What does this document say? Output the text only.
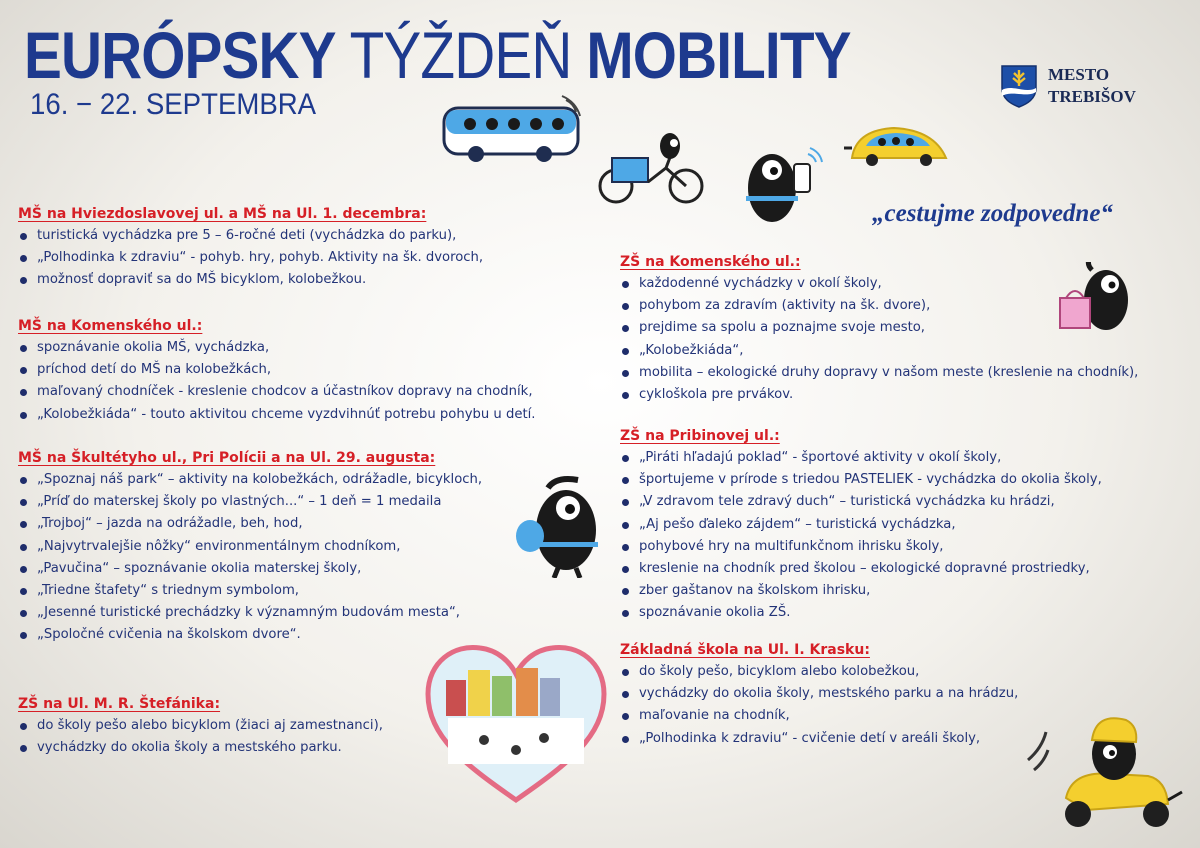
EURÓPSKY TÝŽDEŇ MOBILITY
16. − 22. SEPTEMBRA
MESTO
TREBIŠOV
„cestujme zodpovedne“
MŠ na Hviezdoslavovej ul. a MŠ na Ul. 1. decembra:
turistická vychádzka pre 5 – 6-ročné deti (vychádzka do parku),
„Polhodinka k zdraviu“ - pohyb. hry, pohyb. Aktivity na šk. dvoroch,
možnosť dopraviť sa do MŠ bicyklom, kolobežkou.
MŠ na Komenského ul.:
spoznávanie okolia MŠ, vychádzka,
príchod detí do MŠ na kolobežkách,
maľovaný chodníček - kreslenie chodcov a účastníkov dopravy na chodník,
„Kolobežkiáda“ - touto aktivitou chceme vyzdvihnúť potrebu pohybu u detí.
MŠ na Škultétyho ul., Pri Polícii a na Ul. 29. augusta:
„Spoznaj náš park“ – aktivity na kolobežkách, odrážadle, bicykloch,
„Príď do materskej školy po vlastných...“ – 1 deň = 1 medaila
„Trojboj“ – jazda na odrážadle, beh, hod,
„Najvytrvalejšie nôžky“ environmentálnym chodníkom,
„Pavučina“ – spoznávanie okolia materskej školy,
„Triedne štafety“ s triednym symbolom,
„Jesenné turistické prechádzky k významným budovám mesta“,
„Spoločné cvičenia na školskom dvore“.
ZŠ na Ul. M. R. Štefánika:
do školy pešo alebo bicyklom (žiaci aj zamestnanci),
vychádzky do okolia školy a mestského parku.
ZŠ na Komenského ul.:
každodenné vychádzky v okolí školy,
pohybom za zdravím (aktivity na šk. dvore),
prejdime sa spolu a poznajme svoje mesto,
„Kolobežkiáda“,
mobilita – ekologické druhy dopravy v našom meste (kreslenie na chodník),
cykloškola pre prvákov.
ZŠ na Pribinovej ul.:
„Piráti hľadajú poklad“ - športové aktivity v okolí školy,
športujeme v prírode s triedou PASTELIEK - vychádzka do okolia školy,
„V zdravom tele zdravý duch“ – turistická vychádzka ku hrádzi,
„Aj pešo ďaleko zájdem“ – turistická vychádzka,
pohybové hry na multifunkčnom ihrisku školy,
kreslenie na chodník pred školou – ekologické dopravné prostriedky,
zber gaštanov na školskom ihrisku,
spoznávanie okolia ZŠ.
Základná škola na Ul. I. Krasku:
do školy pešo, bicyklom alebo kolobežkou,
vychádzky do okolia školy, mestského parku a na hrádzu,
maľovanie na chodník,
„Polhodinka k zdraviu“ - cvičenie detí v areáli školy,
